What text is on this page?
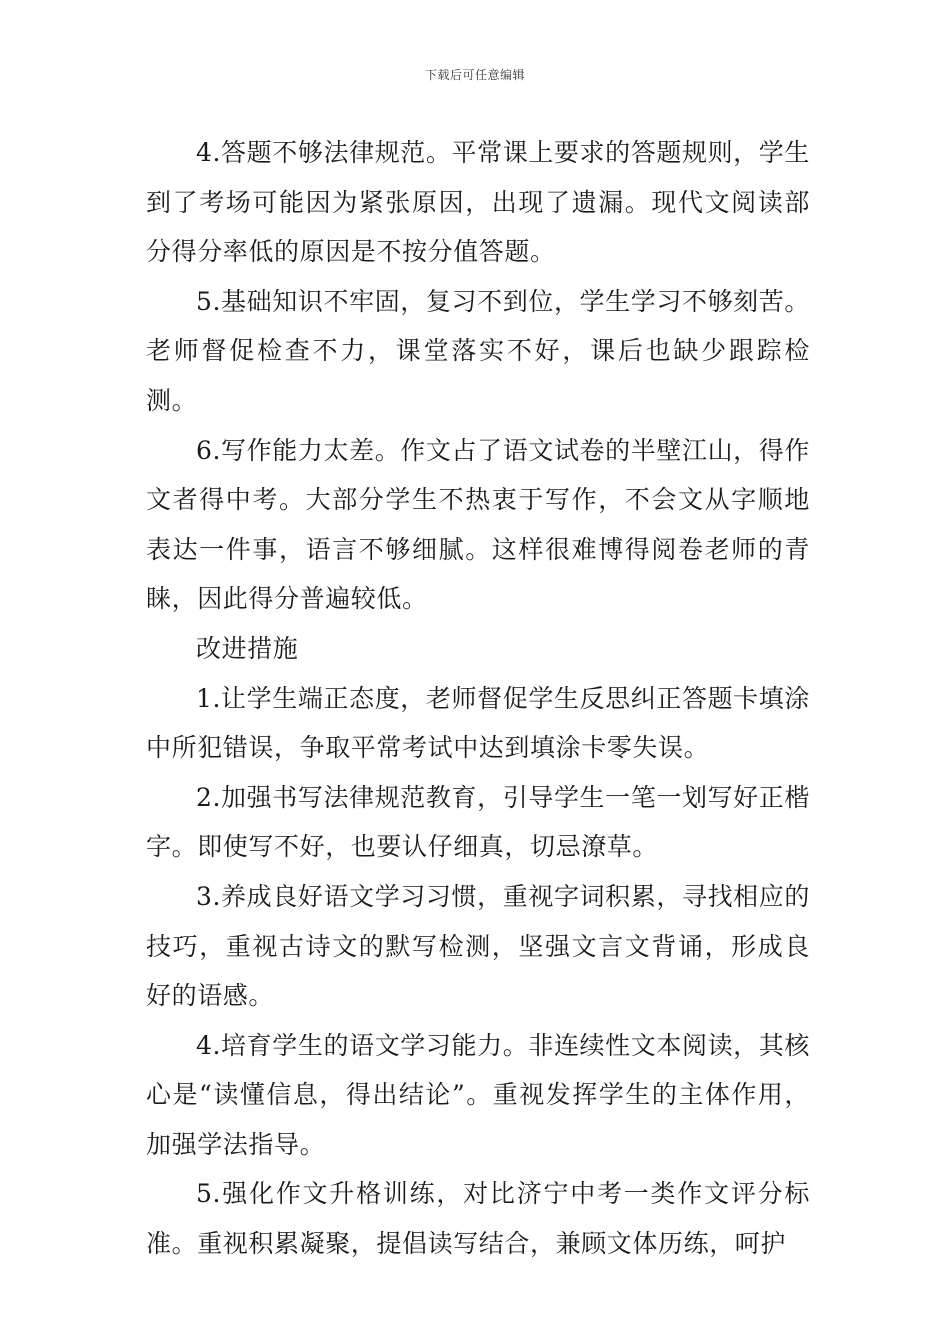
下载后可任意编辑

4.答题不够法律规范。平常课上要求的答题规则，学生到了考场可能因为紧张原因，出现了遗漏。现代文阅读部分得分率低的原因是不按分值答题。

5.基础知识不牢固，复习不到位，学生学习不够刻苦。老师督促检查不力，课堂落实不好，课后也缺少跟踪检测。

6.写作能力太差。作文占了语文试卷的半壁江山，得作文者得中考。大部分学生不热衷于写作，不会文从字顺地表达一件事，语言不够细腻。这样很难博得阅卷老师的青睐，因此得分普遍较低。

改进措施

1.让学生端正态度，老师督促学生反思纠正答题卡填涂中所犯错误，争取平常考试中达到填涂卡零失误。

2.加强书写法律规范教育，引导学生一笔一划写好正楷字。即使写不好，也要认仔细真，切忌潦草。

3.养成良好语文学习习惯，重视字词积累，寻找相应的技巧，重视古诗文的默写检测，坚强文言文背诵，形成良好的语感。

4.培育学生的语文学习能力。非连续性文本阅读，其核心是“读懂信息，得出结论”。重视发挥学生的主体作用，加强学法指导。

5.强化作文升格训练，对比济宁中考一类作文评分标准。重视积累凝聚，提倡读写结合，兼顾文体历练，呵护
